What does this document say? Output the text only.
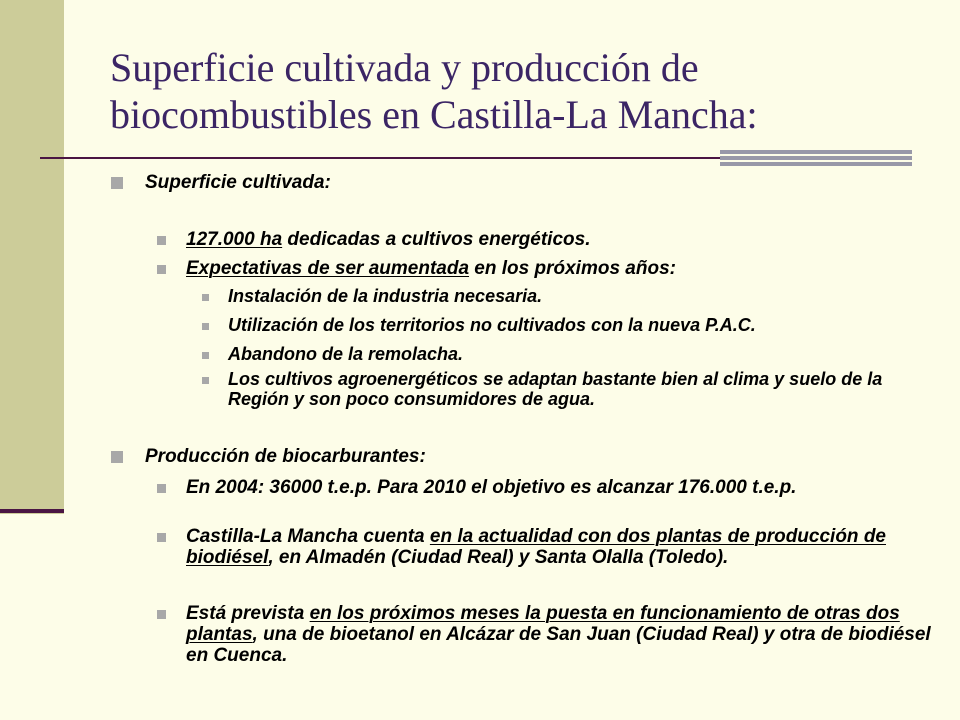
Superficie cultivada y producción de
biocombustibles en Castilla-La Mancha:
Superficie cultivada:
127.000 ha dedicadas a cultivos energéticos.
Expectativas de ser aumentada en los próximos años:
Instalación de la industria necesaria.
Utilización de los territorios no cultivados con la nueva P.A.C.
Abandono de la remolacha.
Los cultivos agroenergéticos se adaptan bastante bien al clima y suelo de la Región y son poco consumidores de agua.
Producción de biocarburantes:
En 2004: 36000 t.e.p. Para 2010 el objetivo es alcanzar 176.000 t.e.p.
Castilla-La Mancha cuenta en la actualidad con dos plantas de producción de biodiésel, en Almadén (Ciudad Real) y Santa Olalla (Toledo).
Está prevista en los próximos meses la puesta en funcionamiento de otras dos plantas, una de bioetanol en Alcázar de San Juan (Ciudad Real) y otra de biodiésel en Cuenca.
